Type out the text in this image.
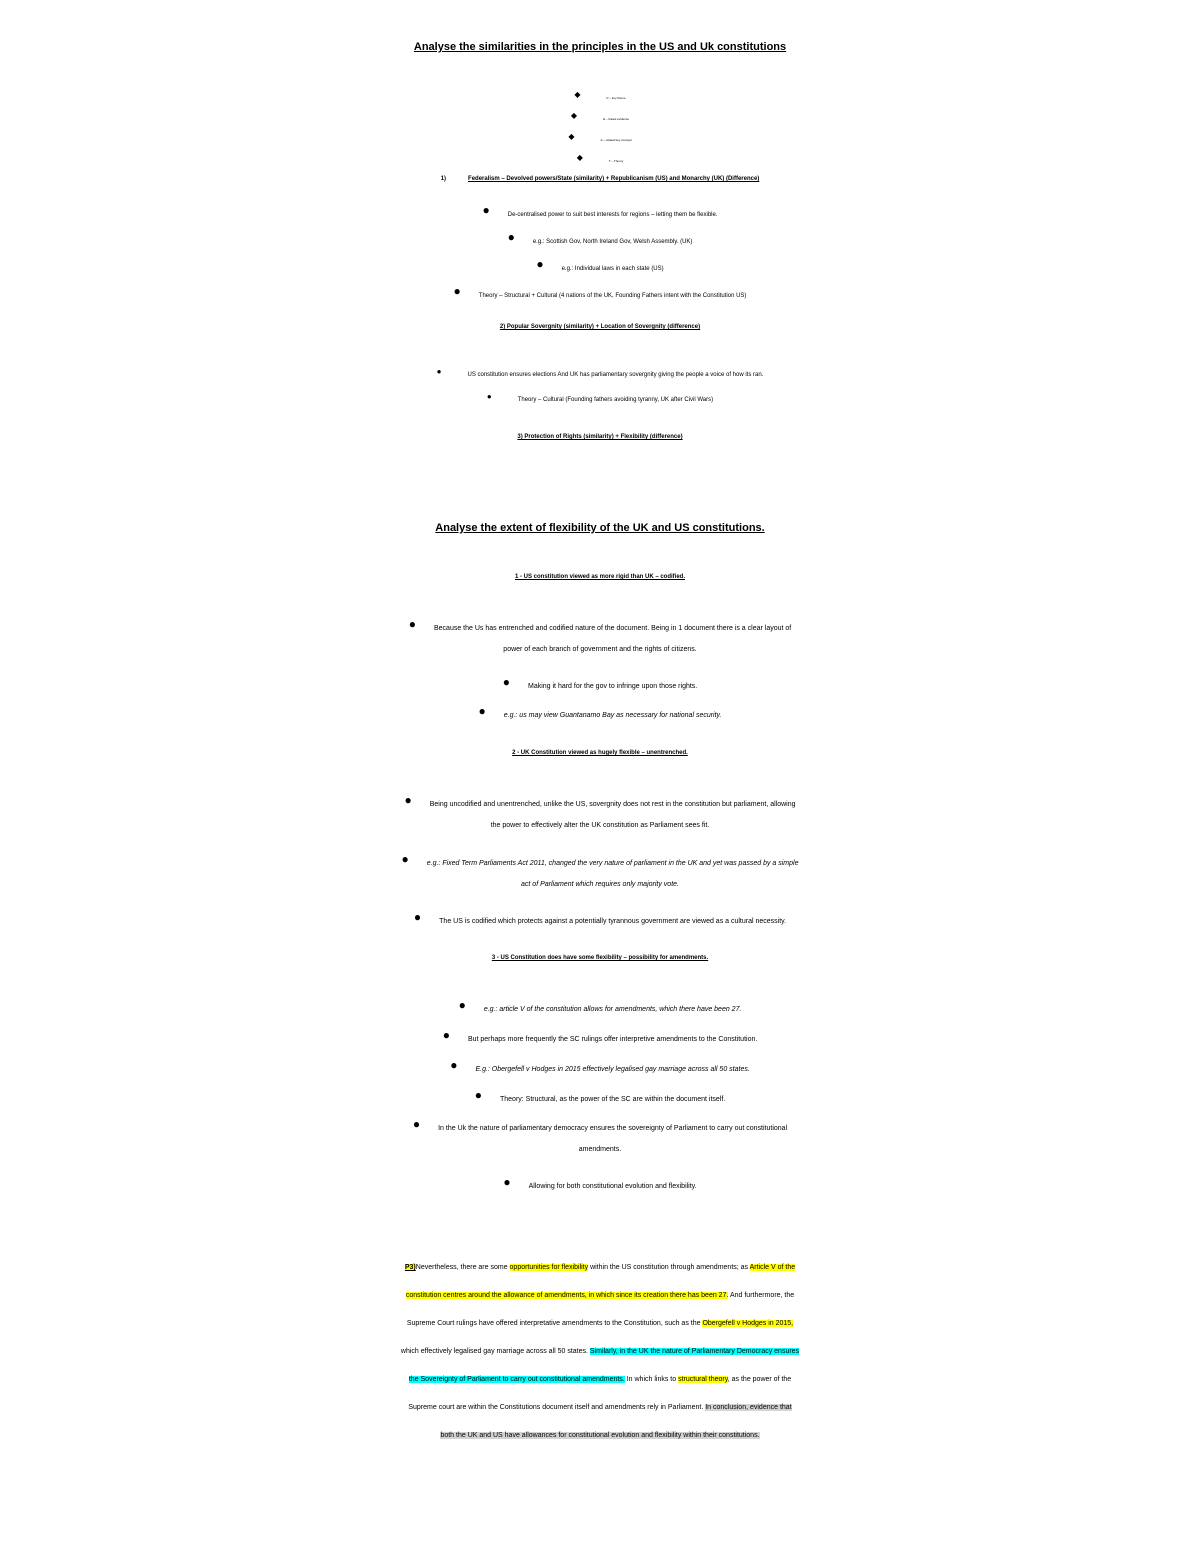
Analyse the similarities in the principles in the US and Uk constitutions
◆	P – key theme
◆	E – linked evidence
◆	A – related key concept
◆	T – Theory
1)	Federalism – Devolved powers/State (similarity) + Republicanism (US) and Monarchy (UK) (Difference)
●	De-centralised power to suit best interests for regions – letting them be flexible.
●	e.g.: Scottish Gov, North Ireland Gov, Welsh Assembly. (UK)
●	e.g.: Individual laws in each state (US)
●	Theory – Structural + Cultural (4 nations of the UK, Founding Fathers intent with the Constitution US)
2) Popular Sovergnity (similarity) + Location of Sovergnity (difference)
●	US constitution ensures elections And UK has parliamentary sovergnity giving the people a voice of how its ran.
●	Theory – Cultural (Founding fathers avoiding tyranny, UK after Civil Wars)
3) Protection of Rights (similarity) + Flexibility (difference)
Analyse the extent of flexibility of the UK and US constitutions.
1 - US constitution viewed as more rigid than UK – codified.
●	Because the Us has entrenched and codified nature of the document. Being in 1 document there is a clear layout of
power of each branch of government and the rights of citizens.
●	Making it hard for the gov to infringe upon those rights.
●	e.g.: us may view Guantanamo Bay as necessary for national security.
2 - UK Constitution viewed as hugely flexible – unentrenched.
●	Being uncodified and unentrenched, unlike the US, sovergnity does not rest in the constitution but parliament, allowing
the power to effectively alter the UK constitution as Parliament sees fit.
●	e.g.: Fixed Term Parliaments Act 2011, changed the very nature of parliament in the UK and yet was passed by a simple
act of Parliament which requires only majority vote.
●	The US is codified which protects against a potentially tyrannous government are viewed as a cultural necessity.
3 - US Constitution does have some flexibility – possibility for amendments.
●	e.g.: article V of the constitution allows for amendments, which there have been 27.
●	But perhaps more frequently the SC rulings offer interpretive amendments to the Constitution.
●	E.g.: Obergefell v Hodges in 2015 effectively legalised gay marriage across all 50 states.
●	Theory: Structural, as the power of the SC are within the document itself.
●	In the Uk the nature of parliamentary democracy ensures the sovereignty of Parliament to carry out constitutional
amendments.
●	Allowing for both constitutional evolution and flexibility.
P3)Nevertheless, there are some opportunities for flexibility within the US constitution through amendments; as Article V of the
constitution centres around the allowance of amendments, in which since its creation there has been 27. And furthermore, the
Supreme Court rulings have offered interpretative amendments to the Constitution, such as the Obergefell v Hodges in 2015,
which effectively legalised gay marriage across all 50 states. Similarly, in the UK the nature of Parliamentary Democracy ensures
the Sovereignty of Parliament to carry out constitutional amendments. In which links to structural theory, as the power of the
Supreme court are within the Constitutions document itself and amendments rely in Parliament. In conclusion, evidence that
both the UK and US have allowances for constitutional evolution and flexibility within their constitutions.
